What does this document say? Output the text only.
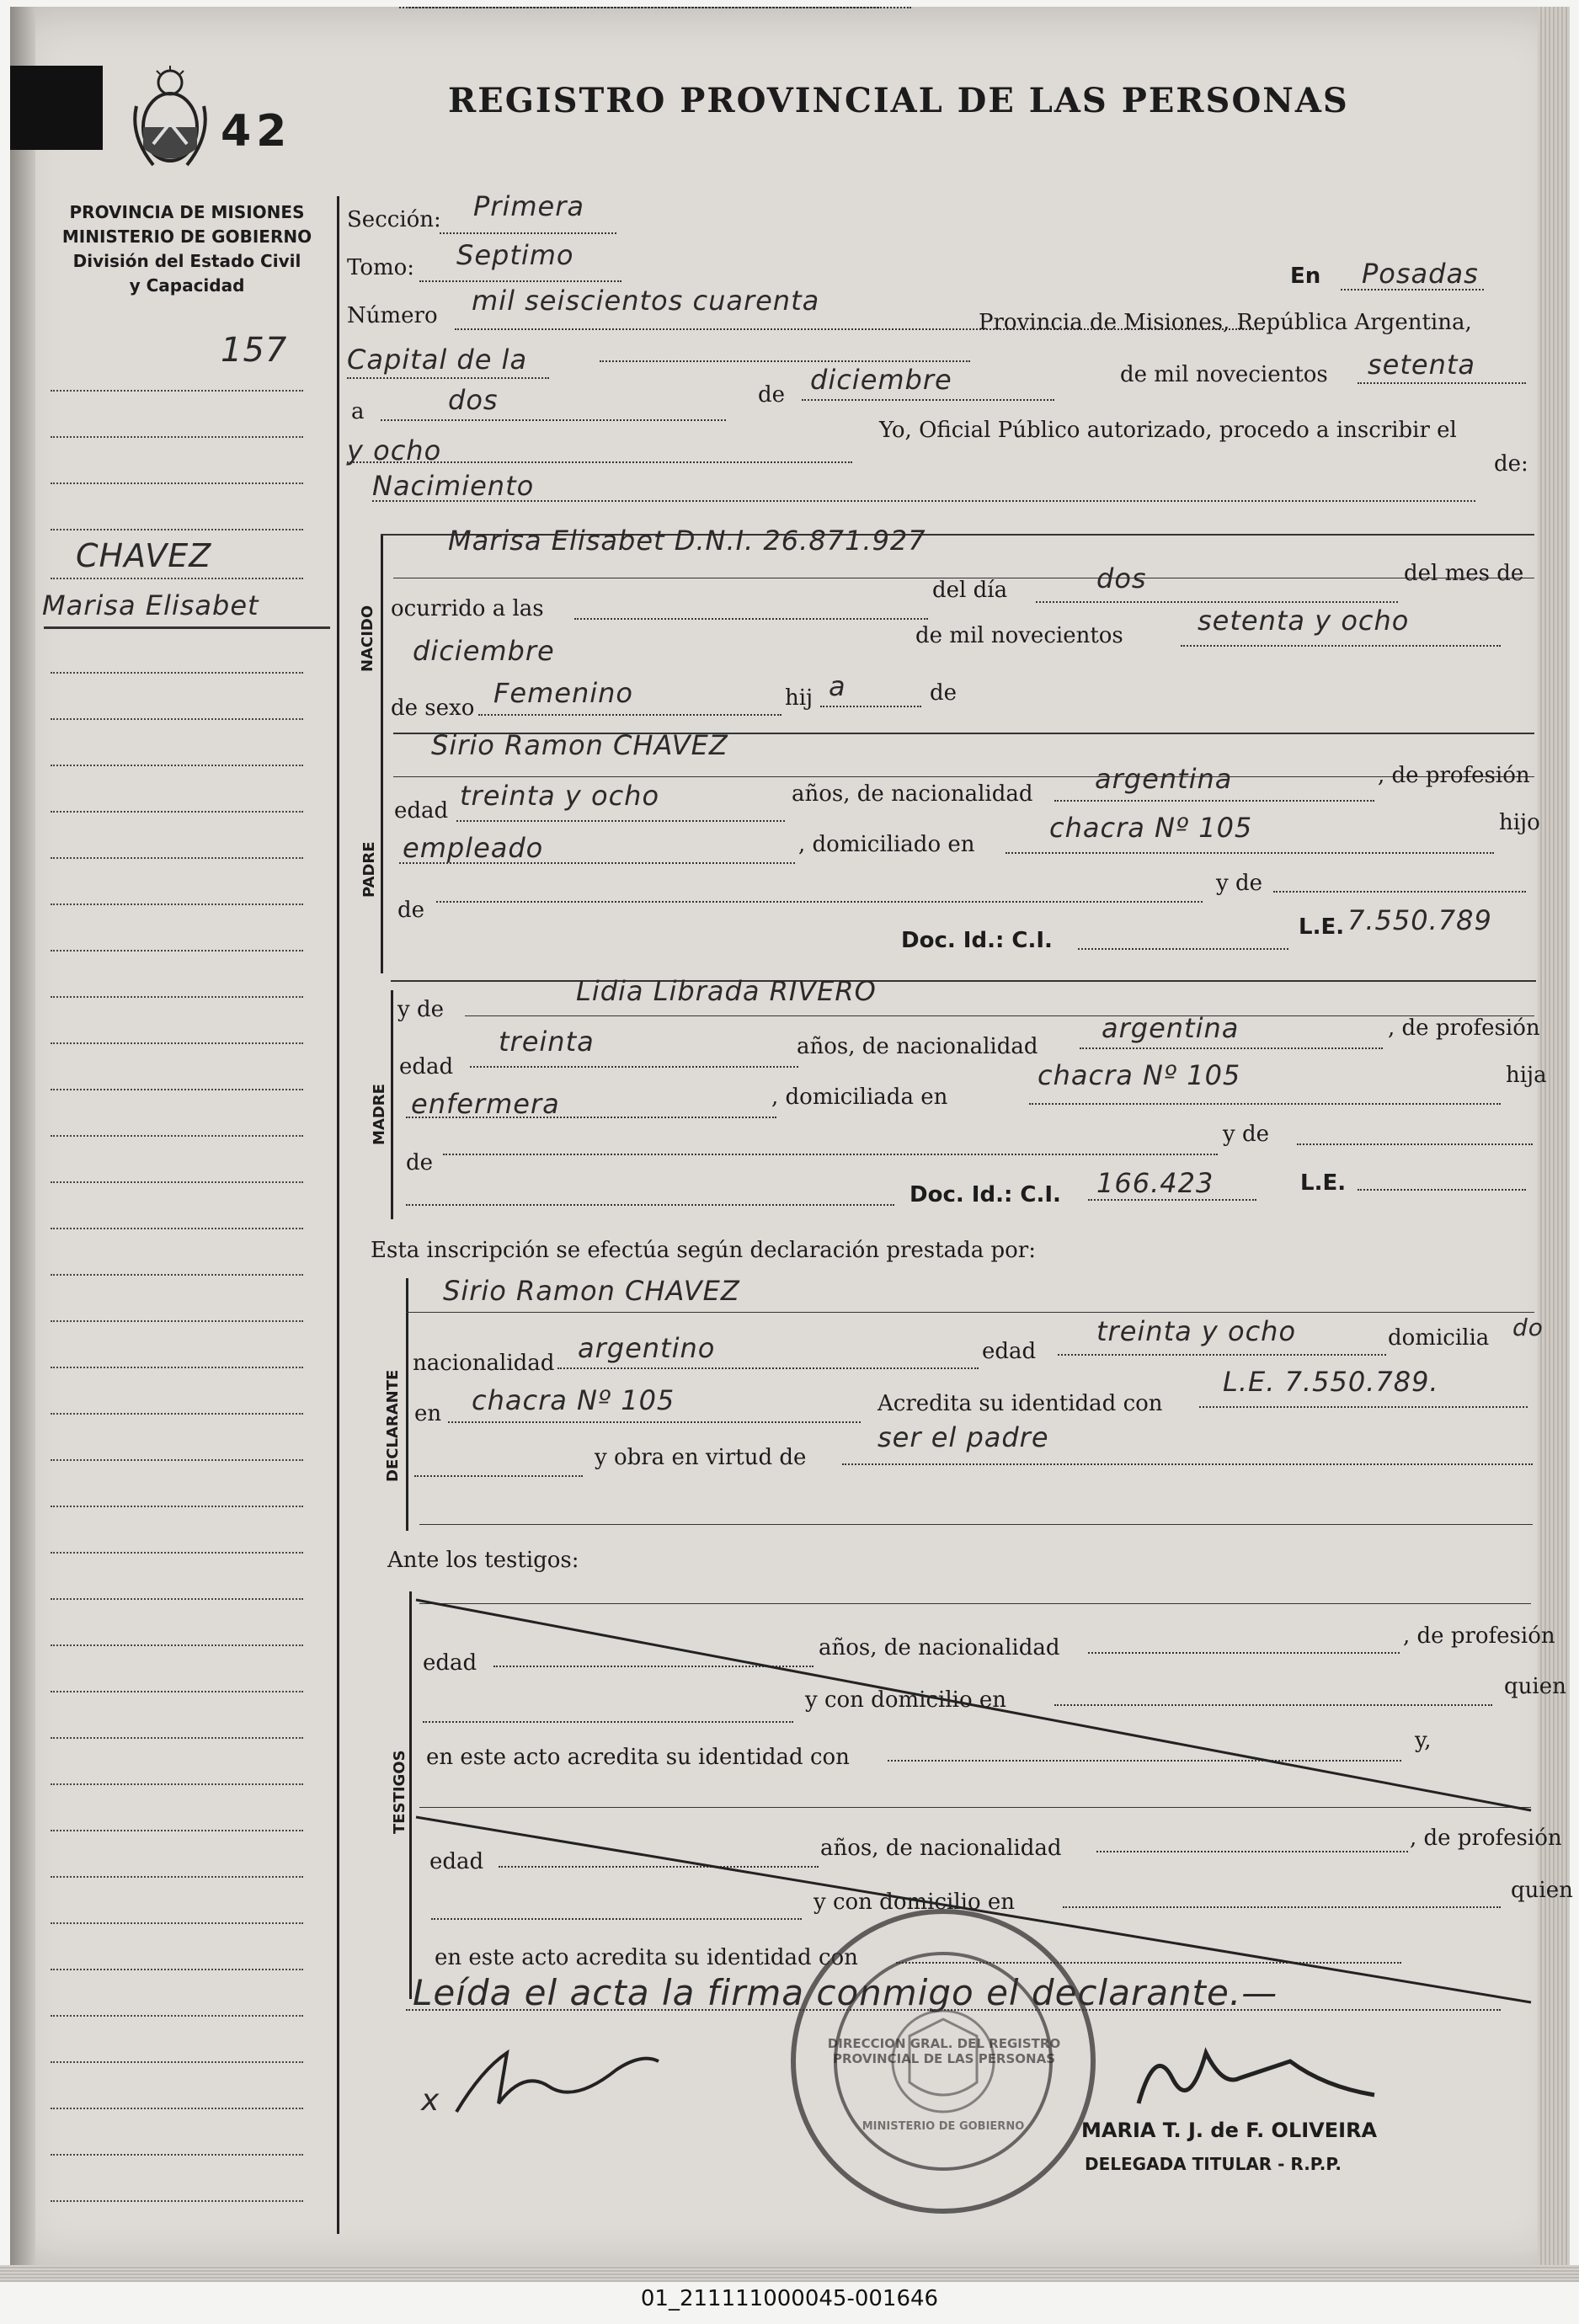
42
REGISTRO PROVINCIAL DE LAS PERSONAS
PROVINCIA DE MISIONES
MINISTERIO DE GOBIERNO
División del Estado Civil
y Capacidad
157
CHAVEZ
Marisa Elisabet
Sección: Primera
Tomo: Septimo
Número mil seiscientos cuarenta
En Posadas
Provincia de Misiones, República Argentina,
Capital de la
a	dos	de diciembre	de mil novecientos setenta
y ocho
Yo, Oficial Público autorizado, procedo a inscribir el
Nacimiento
de:
NACIDO
Marisa Elisabet D.N.I. 26.871.927
ocurrido a las
del día	dos	del mes de
diciembre	de mil novecientos	setenta y ocho
de sexo Femenino	hij a	de
PADRE
Sirio Ramon CHAVEZ
edad treinta y ocho	años, de nacionalidad argentina	, de profesión
empleado	, domiciliado en
chacra Nº 105	hijo
de
y de
Doc. Id.: C.I.
L.E. 7.550.789
MADRE
y de
Lidia Librada RIVERO
edad
treinta	años, de nacionalidad
argentina	, de profesión
enfermera	, domiciliada en
chacra Nº 105	hija
de
y de
Doc. Id.: C.I. 166.423	L.E.
Esta inscripción se efectúa según declaración prestada por:
DECLARANTE
Sirio Ramon CHAVEZ
nacionalidad argentino	edad
treinta y ocho	domicilia do
en chacra Nº 105	Acredita su identidad con
L.E. 7.550.789.
y obra en virtud de
ser el padre
Ante los testigos:
TESTIGOS
edad
años, de nacionalidad	, de profesión
y con domicilio en
quien
en este acto acredita su identidad con
y,
edad
años, de nacionalidad	, de profesión
y con domicilio en	quien
en este acto acredita su identidad con
Leída el acta la firma conmigo el declarante.—
x
MARIA T. J. de F. OLIVEIRA
DELEGADA TITULAR - R.P.P.
DIRECCION GRAL. DEL REGISTRO PROVINCIAL DE LAS PERSONAS
MINISTERIO DE GOBIERNO
01_211111000045-001646
